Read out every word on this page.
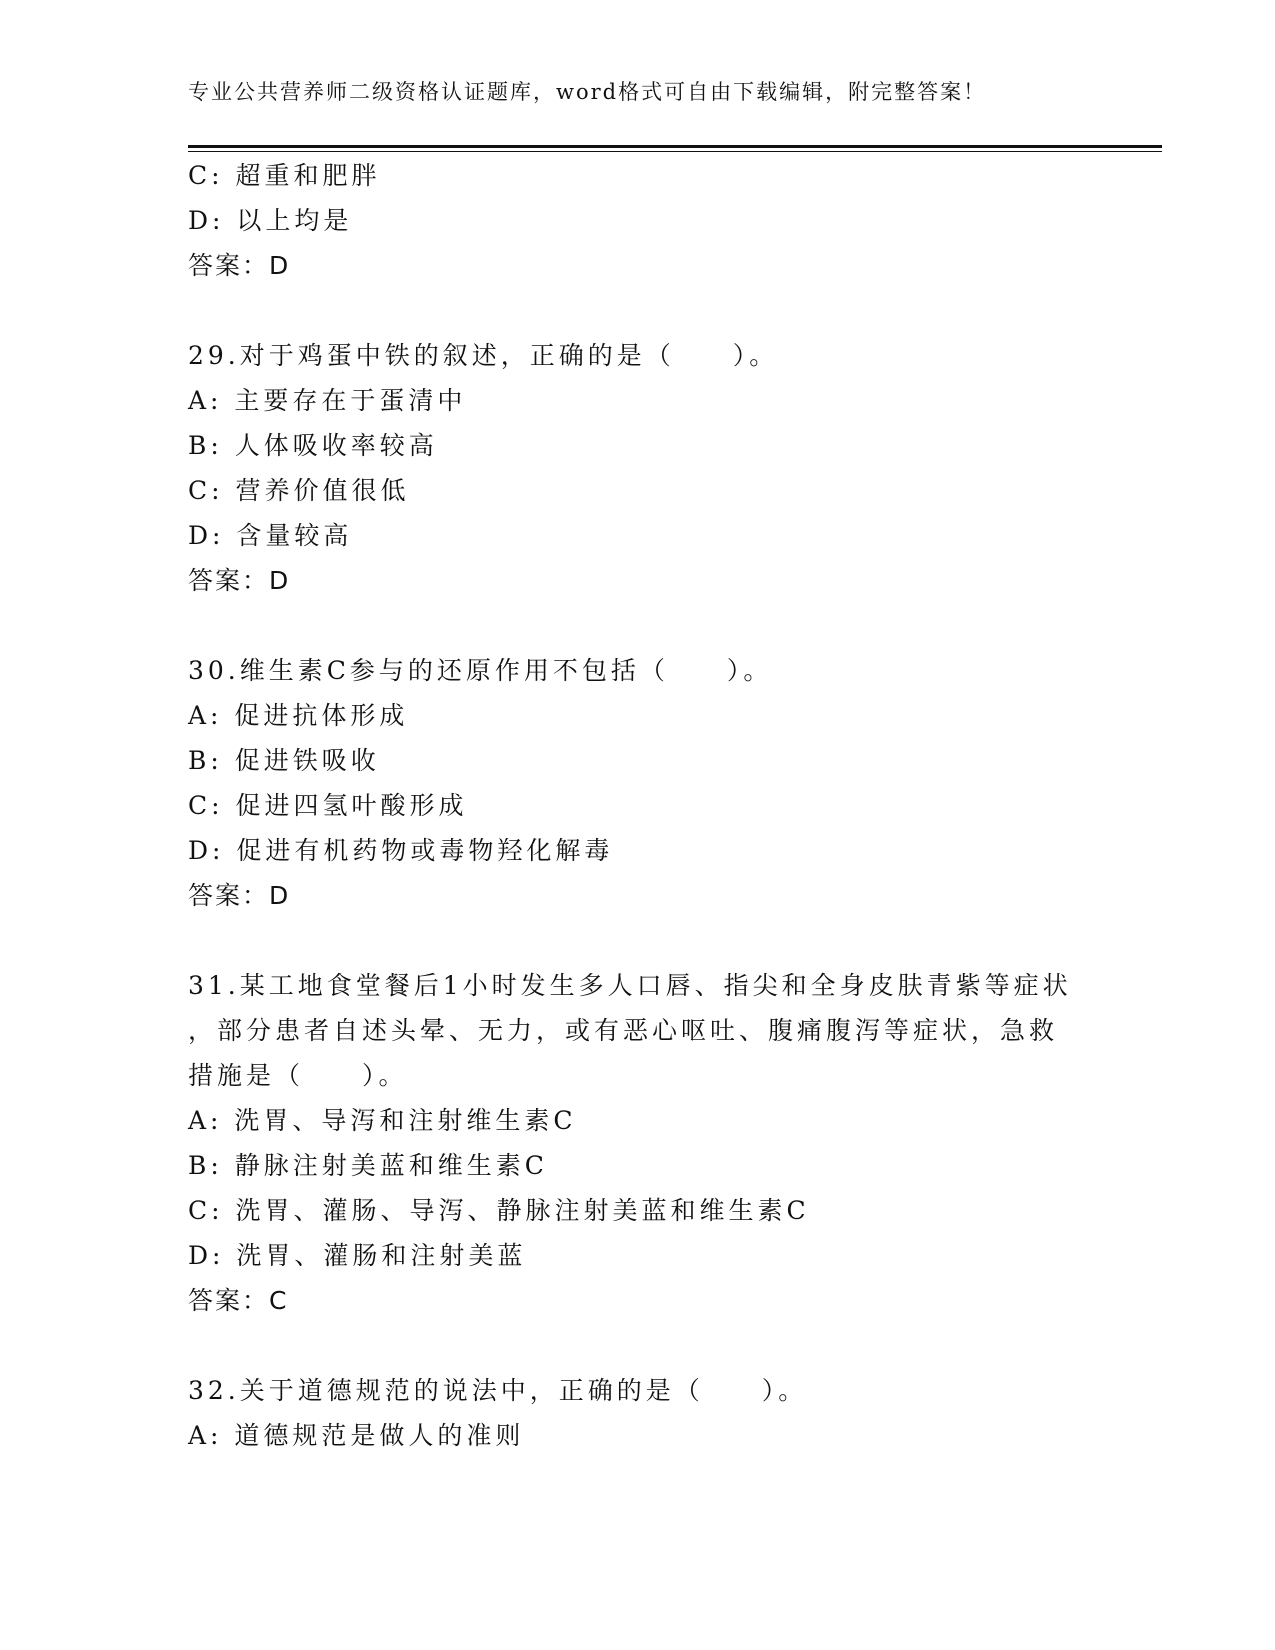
专业公共营养师二级资格认证题库，word格式可自由下载编辑，附完整答案！
C: 超重和肥胖
D: 以上均是
答案：D
29.对于鸡蛋中铁的叙述，正确的是（　　）。
A: 主要存在于蛋清中
B: 人体吸收率较高
C: 营养价值很低
D: 含量较高
答案：D
30.维生素C参与的还原作用不包括（　　）。
A: 促进抗体形成
B: 促进铁吸收
C: 促进四氢叶酸形成
D: 促进有机药物或毒物羟化解毒
答案：D
31.某工地食堂餐后1小时发生多人口唇、指尖和全身皮肤青紫等症状
，部分患者自述头晕、无力，或有恶心呕吐、腹痛腹泻等症状，急救
措施是（　　）。
A: 洗胃、导泻和注射维生素C
B: 静脉注射美蓝和维生素C
C: 洗胃、灌肠、导泻、静脉注射美蓝和维生素C
D: 洗胃、灌肠和注射美蓝
答案：C
32.关于道德规范的说法中，正确的是（　　）。
A: 道德规范是做人的准则
